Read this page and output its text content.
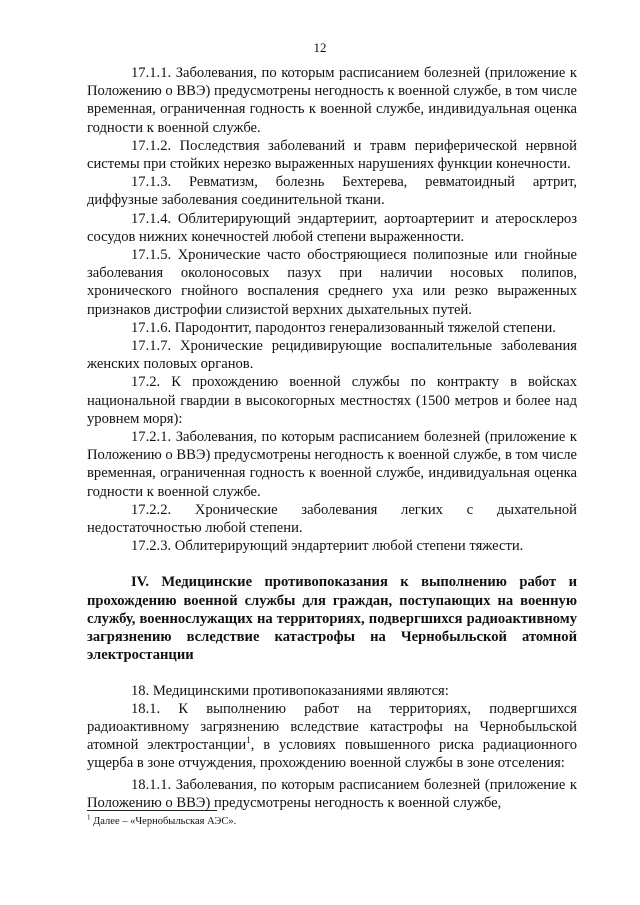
12

17.1.1. Заболевания, по которым расписанием болезней (приложение к Положению о ВВЭ) предусмотрены негодность к военной службе, в том числе временная, ограниченная годность к военной службе, индивидуальная оценка годности к военной службе.

17.1.2. Последствия заболеваний и травм периферической нервной системы при стойких нерезко выраженных нарушениях функции конечности.

17.1.3. Ревматизм, болезнь Бехтерева, ревматоидный артрит, диффузные заболевания соединительной ткани.

17.1.4. Облитерирующий эндартериит, аортоартериит и атеросклероз сосудов нижних конечностей любой степени выраженности.

17.1.5. Хронические часто обостряющиеся полипозные или гнойные заболевания околоносовых пазух при наличии носовых полипов, хронического гнойного воспаления среднего уха или резко выраженных признаков дистрофии слизистой верхних дыхательных путей.

17.1.6. Пародонтит, пародонтоз генерализованный тяжелой степени.

17.1.7. Хронические рецидивирующие воспалительные заболевания женских половых органов.

17.2. К прохождению военной службы по контракту в войсках национальной гвардии в высокогорных местностях (1500 метров и более над уровнем моря):

17.2.1. Заболевания, по которым расписанием болезней (приложение к Положению о ВВЭ) предусмотрены негодность к военной службе, в том числе временная, ограниченная годность к военной службе, индивидуальная оценка годности к военной службе.

17.2.2. Хронические заболевания легких с дыхательной недостаточностью любой степени.

17.2.3. Облитерирующий эндартериит любой степени тяжести.

IV. Медицинские противопоказания к выполнению работ и прохождению военной службы для граждан, поступающих на военную службу, военнослужащих на территориях, подвергшихся радиоактивному загрязнению вследствие катастрофы на Чернобыльской атомной электростанции

18. Медицинскими противопоказаниями являются:

18.1. К выполнению работ на территориях, подвергшихся радиоактивному загрязнению вследствие катастрофы на Чернобыльской атомной электростанции$^1$, в условиях повышенного риска радиационного ущерба в зоне отчуждения, прохождению военной службы в зоне отселения:

18.1.1. Заболевания, по которым расписанием болезней (приложение к Положению о ВВЭ) предусмотрены негодность к военной службе,

$^1$ Далее – «Чернобыльская АЭС».
